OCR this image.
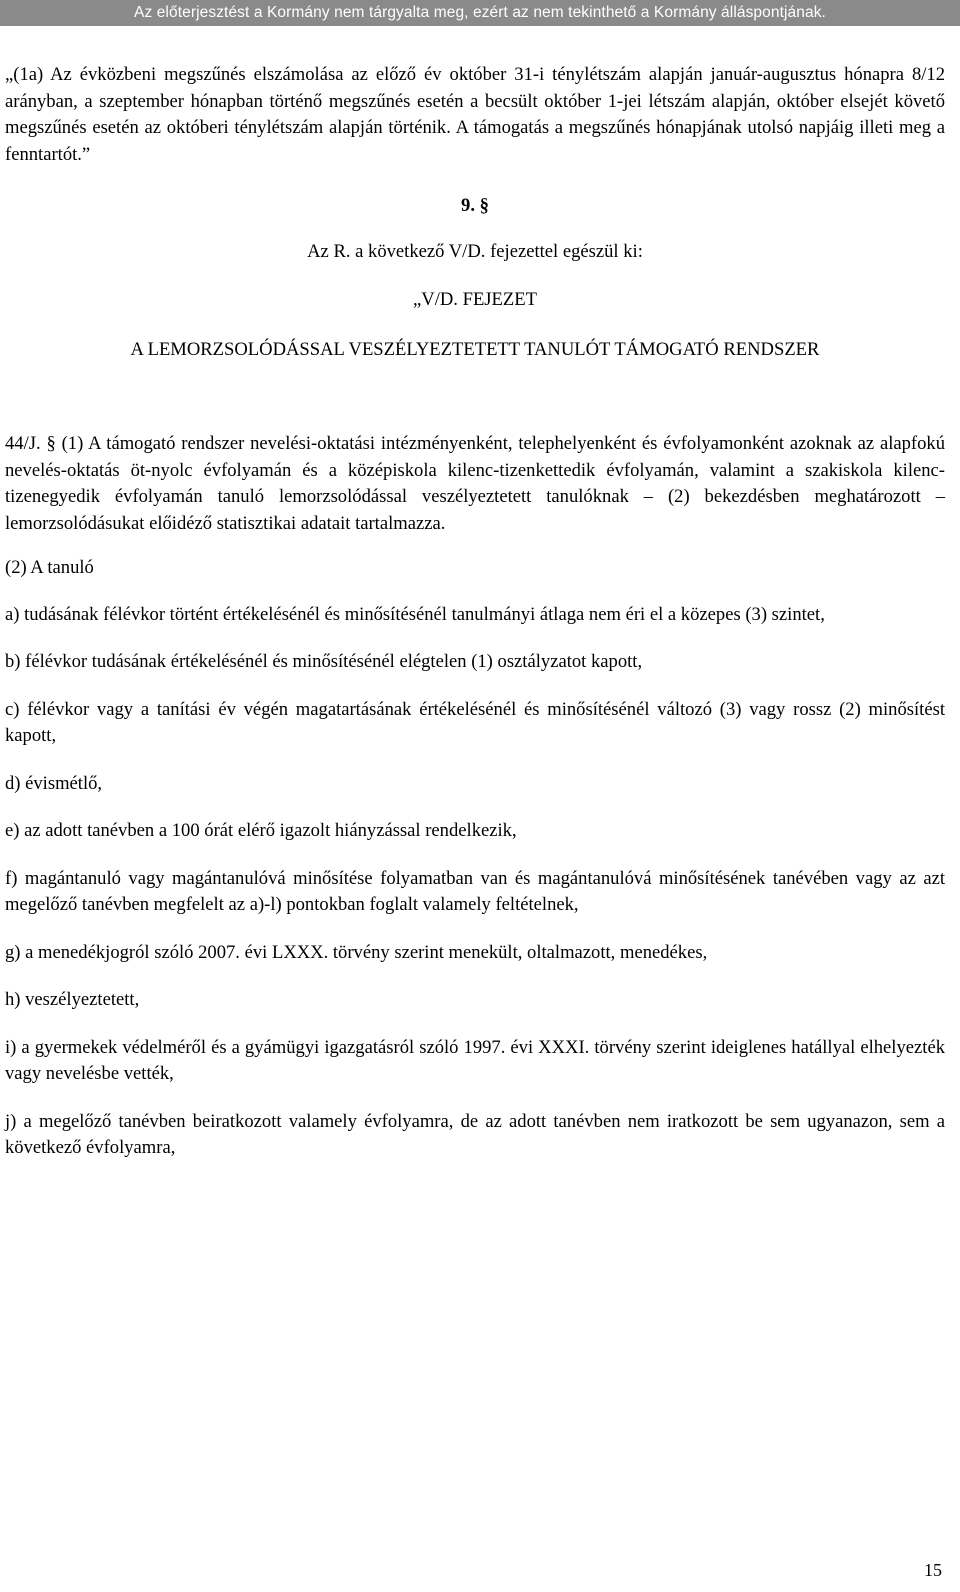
Az előterjesztést a Kormány nem tárgyalta meg, ezért az nem tekinthető a Kormány álláspontjának.

„(1a) Az évközbeni megszűnés elszámolása az előző év október 31-i ténylétszám alapján január-augusztus hónapra 8/12 arányban, a szeptember hónapban történő megszűnés esetén a becsült október 1-jei létszám alapján, október elsejét követő megszűnés esetén az októberi ténylétszám alapján történik. A támogatás a megszűnés hónapjának utolsó napjáig illeti meg a fenntartót.”

9. §

Az R. a következő V/D. fejezettel egészül ki:

„V/D. FEJEZET

A LEMORZSOLÓDÁSSAL VESZÉLYEZTETETT TANULÓT TÁMOGATÓ RENDSZER

44/J. § (1) A támogató rendszer nevelési-oktatási intézményenként, telephelyenként és évfolyamonként azoknak az alapfokú nevelés-oktatás öt-nyolc évfolyamán és a középiskola kilenc-tizenkettedik évfolyamán, valamint a szakiskola kilenc-tizenegyedik évfolyamán tanuló lemorzsolódással veszélyeztetett tanulóknak – (2) bekezdésben meghatározott – lemorzsolódásukat előidéző statisztikai adatait tartalmazza.

(2) A tanuló

a) tudásának félévkor történt értékelésénél és minősítésénél tanulmányi átlaga nem éri el a közepes (3) szintet,

b) félévkor tudásának értékelésénél és minősítésénél elégtelen (1) osztályzatot kapott,

c) félévkor vagy a tanítási év végén magatartásának értékelésénél és minősítésénél változó (3) vagy rossz (2) minősítést kapott,

d) évismétlő,

e) az adott tanévben a 100 órát elérő igazolt hiányzással rendelkezik,

f) magántanuló vagy magántanulóvá minősítése folyamatban van és magántanulóvá minősítésének tanévében vagy az azt megelőző tanévben megfelelt az a)-l) pontokban foglalt valamely feltételnek,

g) a menedékjogról szóló 2007. évi LXXX. törvény szerint menekült, oltalmazott, menedékes,

h) veszélyeztetett,

i) a gyermekek védelméről és a gyámügyi igazgatásról szóló 1997. évi XXXI. törvény szerint ideiglenes hatállyal elhelyezték vagy nevelésbe vették,

j) a megelőző tanévben beiratkozott valamely évfolyamra, de az adott tanévben nem iratkozott be sem ugyanazon, sem a következő évfolyamra,

15
